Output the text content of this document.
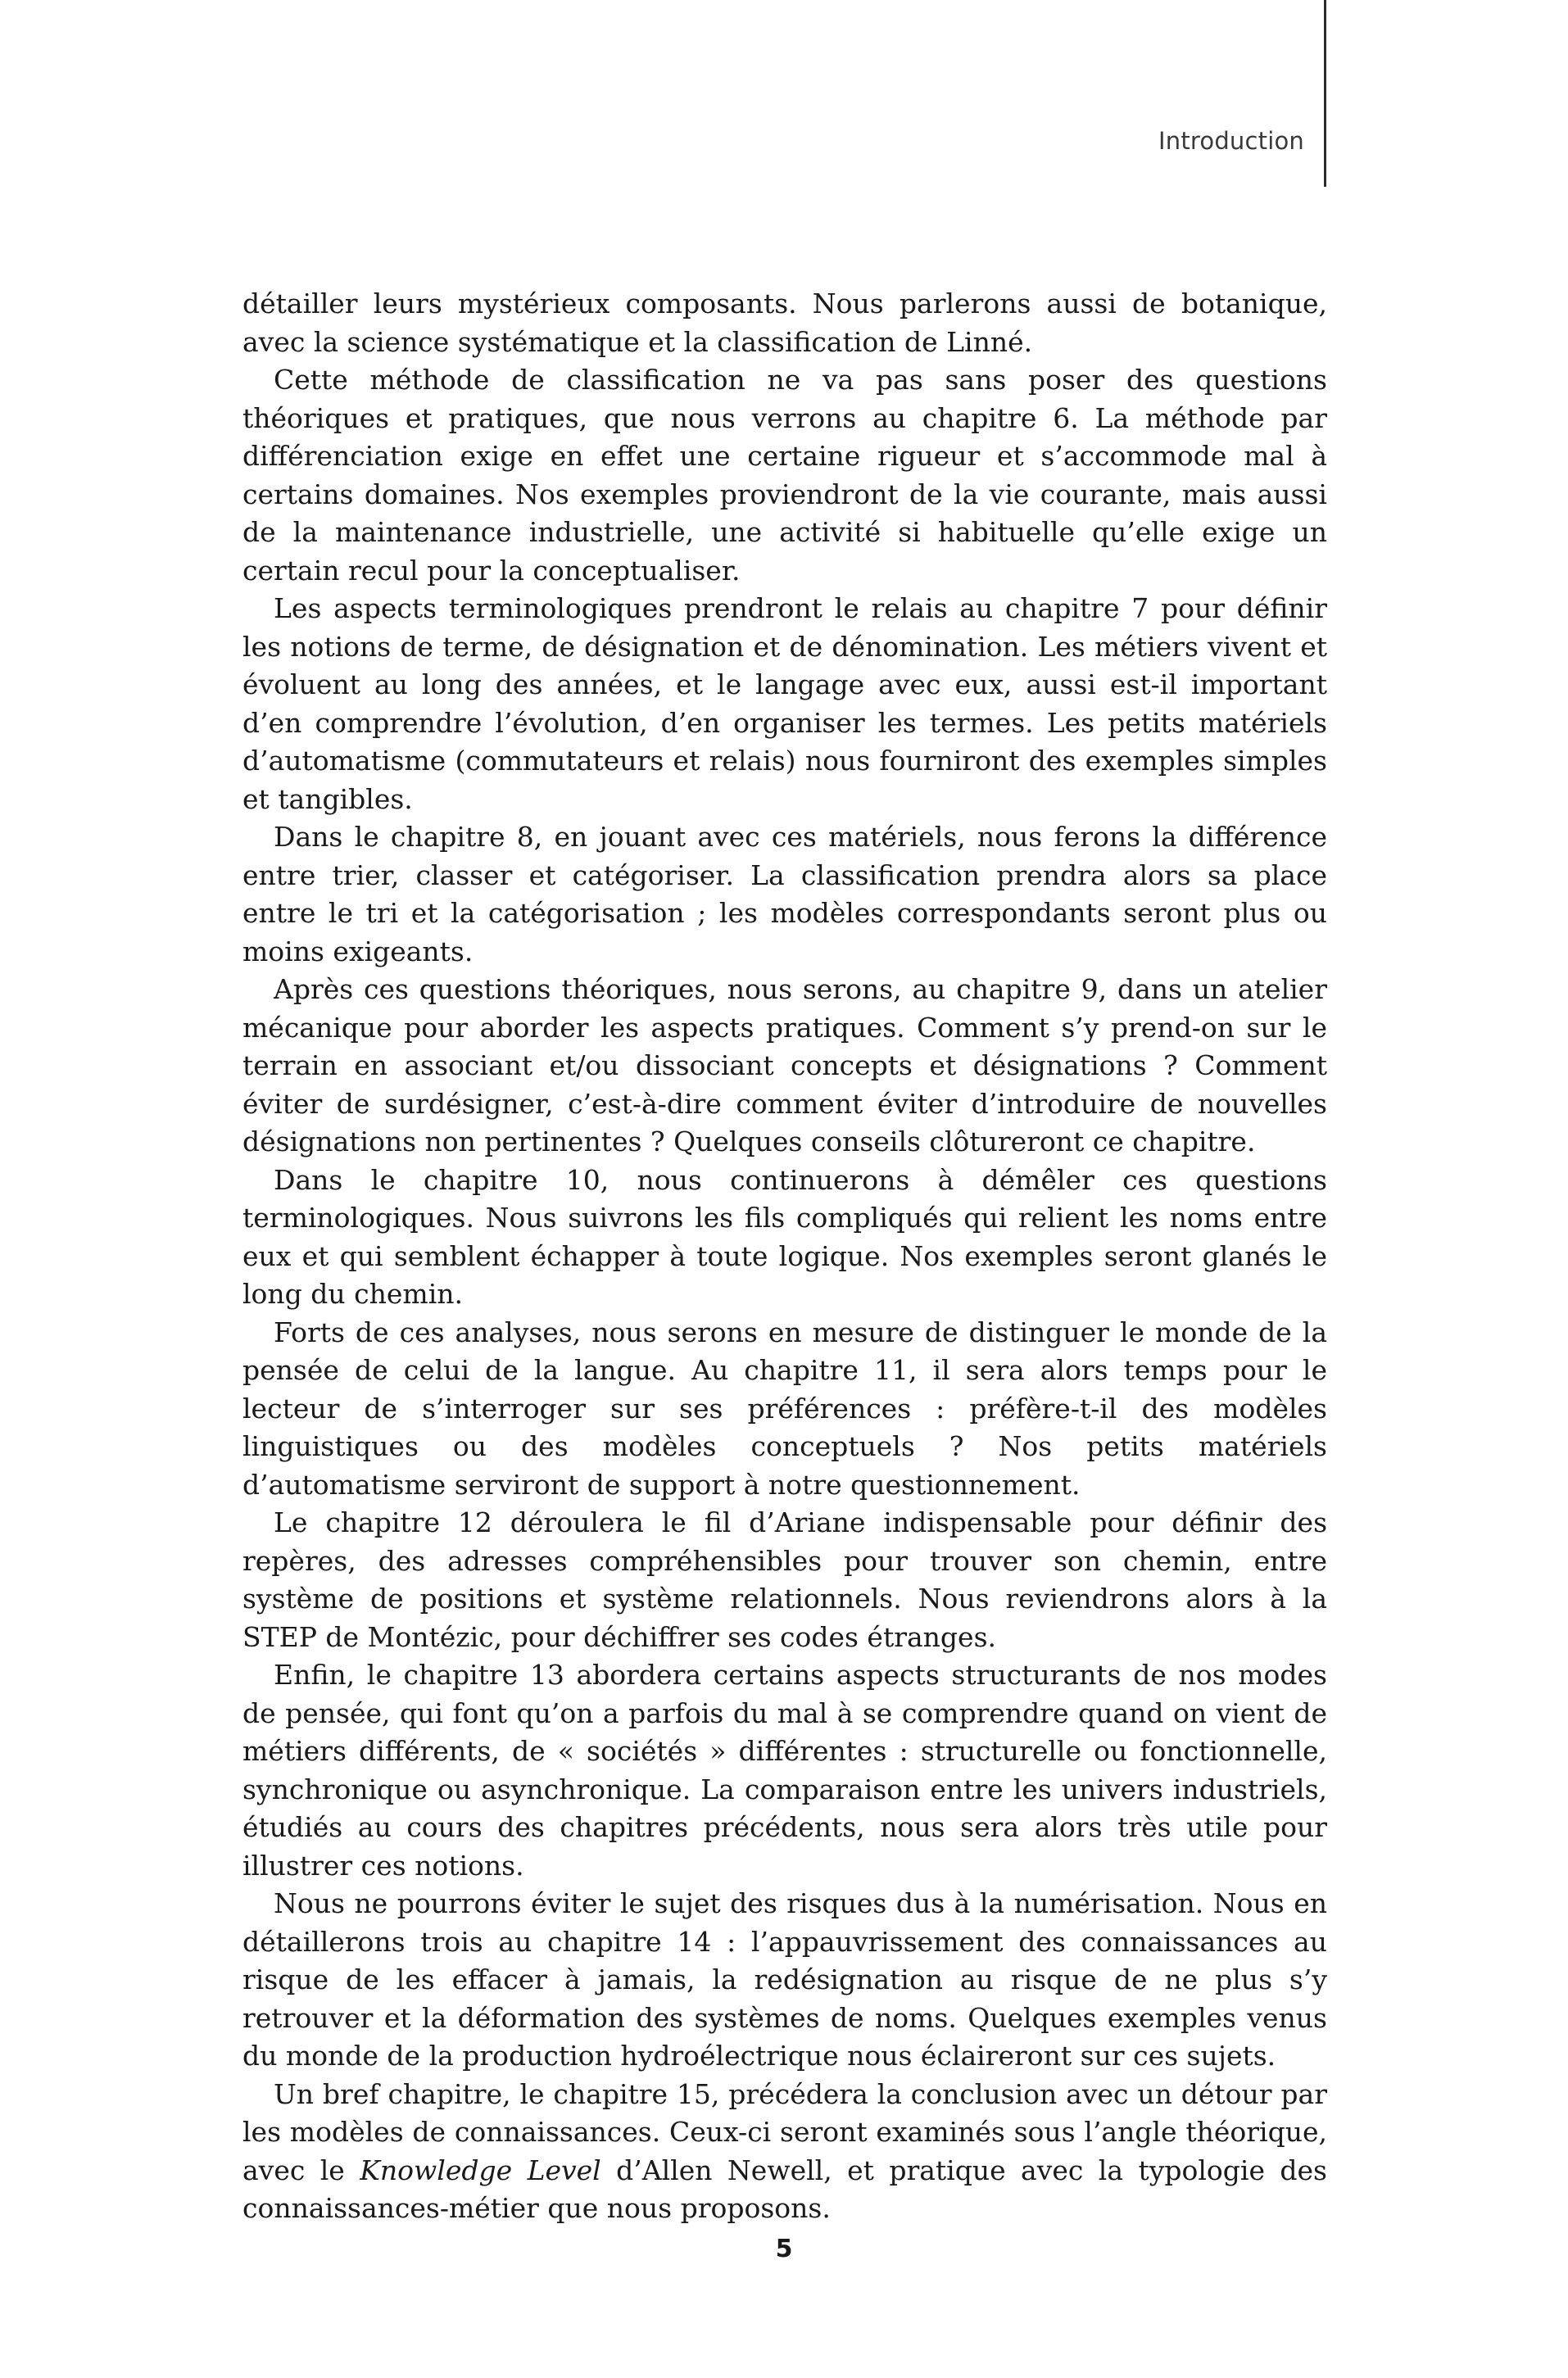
Introduction

détailler leurs mystérieux composants. Nous parlerons aussi de botanique, avec la science systématique et la classification de Linné.

Cette méthode de classification ne va pas sans poser des questions théoriques et pratiques, que nous verrons au chapitre 6. La méthode par différenciation exige en effet une certaine rigueur et s’accommode mal à certains domaines. Nos exemples proviendront de la vie courante, mais aussi de la maintenance industrielle, une activité si habituelle qu’elle exige un certain recul pour la conceptualiser.

Les aspects terminologiques prendront le relais au chapitre 7 pour définir les notions de terme, de désignation et de dénomination. Les métiers vivent et évoluent au long des années, et le langage avec eux, aussi est-il important d’en comprendre l’évolution, d’en organiser les termes. Les petits matériels d’automatisme (commutateurs et relais) nous fourniront des exemples simples et tangibles.

Dans le chapitre 8, en jouant avec ces matériels, nous ferons la différence entre trier, classer et catégoriser. La classification prendra alors sa place entre le tri et la catégorisation ; les modèles correspondants seront plus ou moins exigeants.

Après ces questions théoriques, nous serons, au chapitre 9, dans un atelier mécanique pour aborder les aspects pratiques. Comment s’y prend-on sur le terrain en associant et/ou dissociant concepts et désignations ? Comment éviter de surdésigner, c’est-à-dire comment éviter d’introduire de nouvelles désignations non pertinentes ? Quelques conseils clôtureront ce chapitre.

Dans le chapitre 10, nous continuerons à démêler ces questions terminologiques. Nous suivrons les fils compliqués qui relient les noms entre eux et qui semblent échapper à toute logique. Nos exemples seront glanés le long du chemin.

Forts de ces analyses, nous serons en mesure de distinguer le monde de la pensée de celui de la langue. Au chapitre 11, il sera alors temps pour le lecteur de s’interroger sur ses préférences : préfère-t-il des modèles linguistiques ou des modèles conceptuels ? Nos petits matériels d’automatisme serviront de support à notre questionnement.

Le chapitre 12 déroulera le fil d’Ariane indispensable pour définir des repères, des adresses compréhensibles pour trouver son chemin, entre système de positions et système relationnels. Nous reviendrons alors à la STEP de Montézic, pour déchiffrer ses codes étranges.

Enfin, le chapitre 13 abordera certains aspects structurants de nos modes de pensée, qui font qu’on a parfois du mal à se comprendre quand on vient de métiers différents, de « sociétés » différentes : structurelle ou fonctionnelle, synchronique ou asynchronique. La comparaison entre les univers industriels, étudiés au cours des chapitres précédents, nous sera alors très utile pour illustrer ces notions.

Nous ne pourrons éviter le sujet des risques dus à la numérisation. Nous en détaillerons trois au chapitre 14 : l’appauvrissement des connaissances au risque de les effacer à jamais, la redésignation au risque de ne plus s’y retrouver et la déformation des systèmes de noms. Quelques exemples venus du monde de la production hydroélectrique nous éclaireront sur ces sujets.

Un bref chapitre, le chapitre 15, précédera la conclusion avec un détour par les modèles de connaissances. Ceux-ci seront examinés sous l’angle théorique, avec le Knowledge Level d’Allen Newell, et pratique avec la typologie des connaissances-métier que nous proposons.

5
